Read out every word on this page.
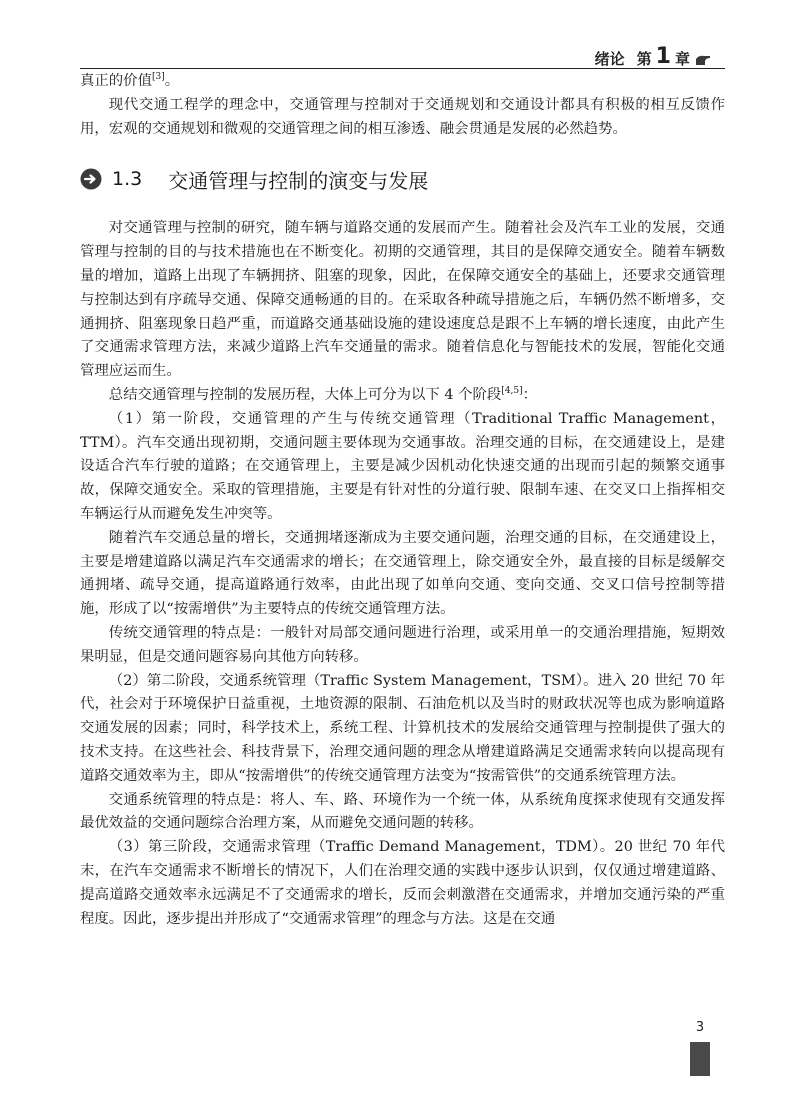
绪论 第 1 章

真正的价值[3]。

现代交通工程学的理念中，交通管理与控制对于交通规划和交通设计都具有积极的相互反馈作用，宏观的交通规划和微观的交通管理之间的相互渗透、融会贯通是发展的必然趋势。

1.3 交通管理与控制的演变与发展

对交通管理与控制的研究，随车辆与道路交通的发展而产生。随着社会及汽车工业的发展，交通管理与控制的目的与技术措施也在不断变化。初期的交通管理，其目的是保障交通安全。随着车辆数量的增加，道路上出现了车辆拥挤、阻塞的现象，因此，在保障交通安全的基础上，还要求交通管理与控制达到有序疏导交通、保障交通畅通的目的。在采取各种疏导措施之后，车辆仍然不断增多，交通拥挤、阻塞现象日趋严重，而道路交通基础设施的建设速度总是跟不上车辆的增长速度，由此产生了交通需求管理方法，来减少道路上汽车交通量的需求。随着信息化与智能技术的发展，智能化交通管理应运而生。

总结交通管理与控制的发展历程，大体上可分为以下 4 个阶段[4,5]：

（1）第一阶段，交通管理的产生与传统交通管理（Traditional Traffic Management，TTM）。汽车交通出现初期，交通问题主要体现为交通事故。治理交通的目标，在交通建设上，是建设适合汽车行驶的道路；在交通管理上，主要是减少因机动化快速交通的出现而引起的频繁交通事故，保障交通安全。采取的管理措施，主要是有针对性的分道行驶、限制车速、在交叉口上指挥相交车辆运行从而避免发生冲突等。

随着汽车交通总量的增长，交通拥堵逐渐成为主要交通问题，治理交通的目标，在交通建设上，主要是增建道路以满足汽车交通需求的增长；在交通管理上，除交通安全外，最直接的目标是缓解交通拥堵、疏导交通，提高道路通行效率，由此出现了如单向交通、变向交通、交叉口信号控制等措施，形成了以“按需增供”为主要特点的传统交通管理方法。

传统交通管理的特点是：一般针对局部交通问题进行治理，或采用单一的交通治理措施，短期效果明显，但是交通问题容易向其他方向转移。

（2）第二阶段，交通系统管理（Traffic System Management，TSM）。进入 20 世纪 70 年代，社会对于环境保护日益重视，土地资源的限制、石油危机以及当时的财政状况等也成为影响道路交通发展的因素；同时，科学技术上，系统工程、计算机技术的发展给交通管理与控制提供了强大的技术支持。在这些社会、科技背景下，治理交通问题的理念从增建道路满足交通需求转向以提高现有道路交通效率为主，即从“按需增供”的传统交通管理方法变为“按需管供”的交通系统管理方法。

交通系统管理的特点是：将人、车、路、环境作为一个统一体，从系统角度探求使现有交通发挥最优效益的交通问题综合治理方案，从而避免交通问题的转移。

（3）第三阶段，交通需求管理（Traffic Demand Management，TDM）。20 世纪 70 年代末，在汽车交通需求不断增长的情况下，人们在治理交通的实践中逐步认识到，仅仅通过增建道路、提高道路交通效率永远满足不了交通需求的增长，反而会刺激潜在交通需求，并增加交通污染的严重程度。因此，逐步提出并形成了“交通需求管理”的理念与方法。这是在交通

3
